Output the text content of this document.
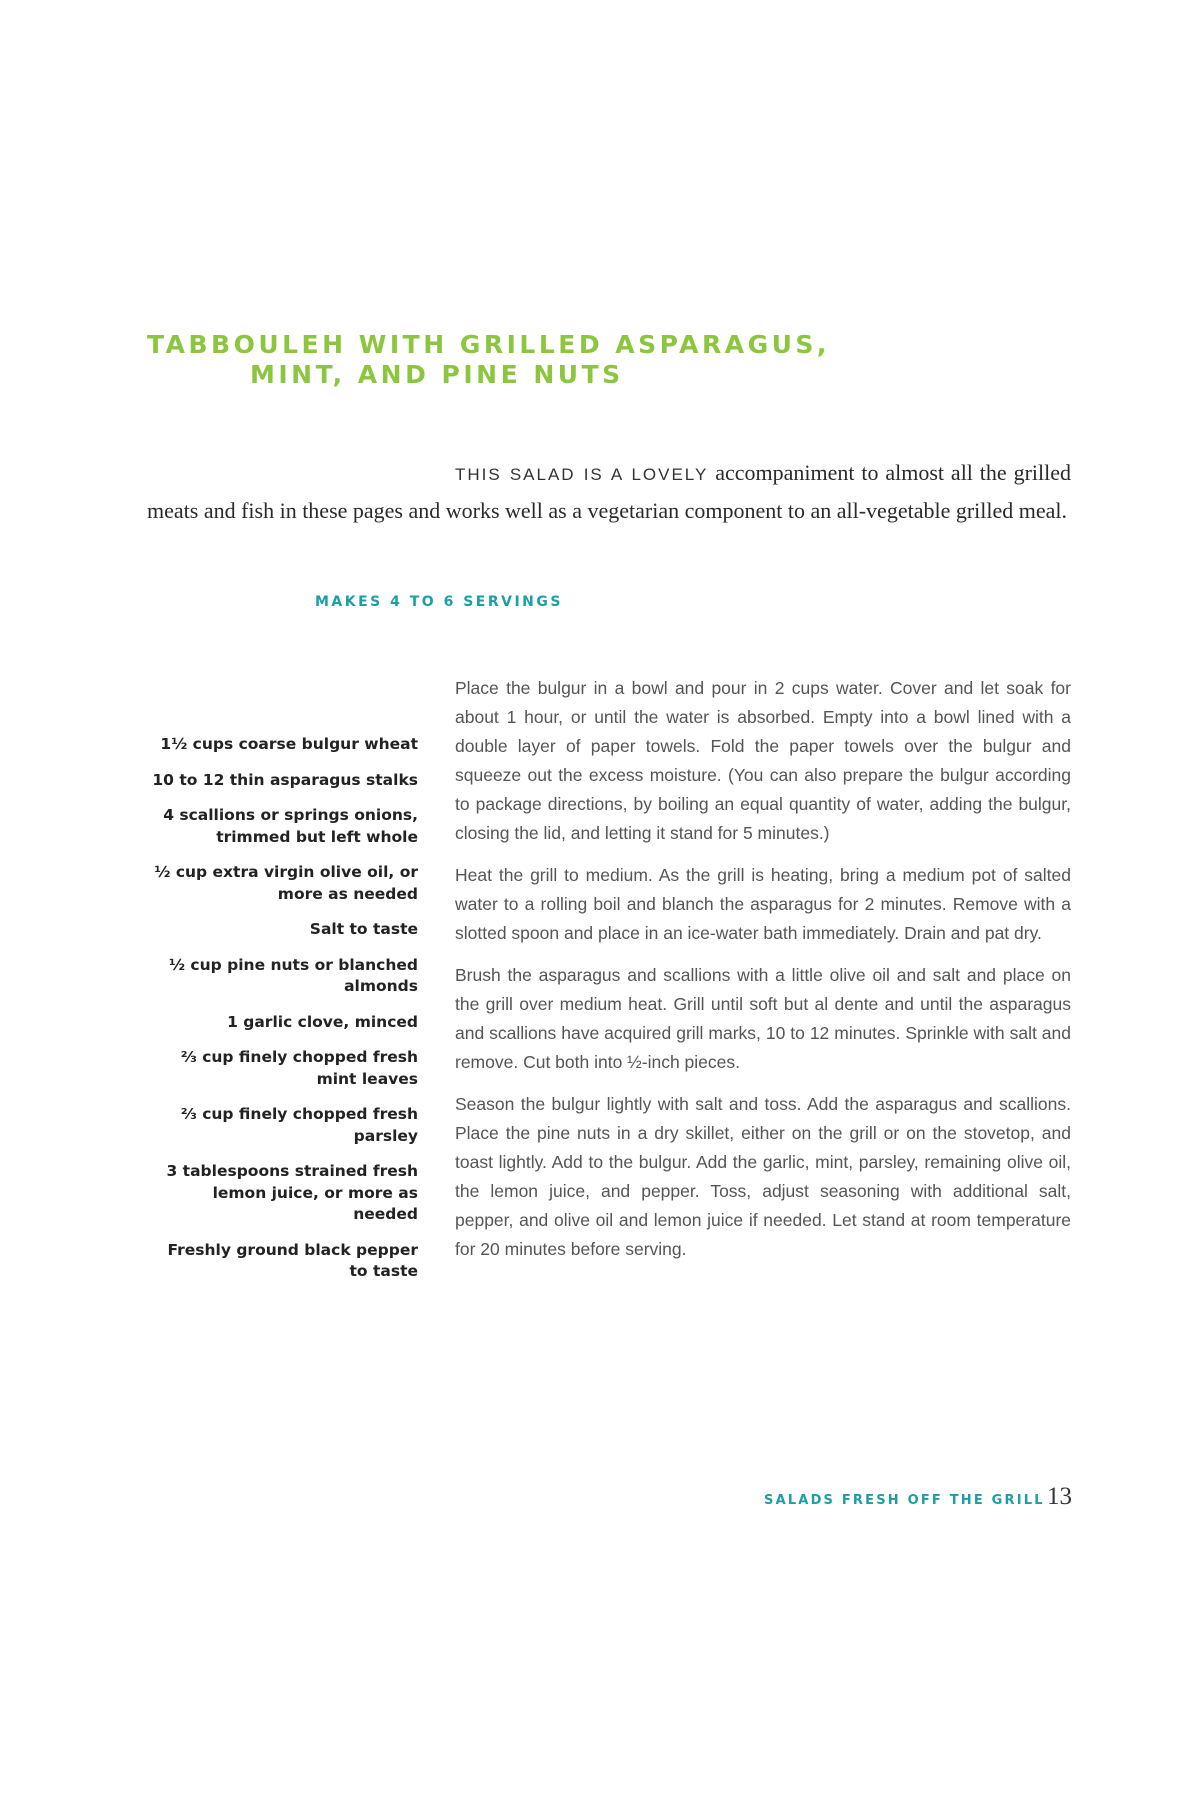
TABBOULEH WITH GRILLED ASPARAGUS,
MINT, AND PINE NUTS

THIS SALAD IS A LOVELY accompaniment to almost all the grilled meats and fish in these pages and works well as a vegetarian component to an all-vegetable grilled meal.

MAKES 4 TO 6 SERVINGS
1½ cups coarse bulgur wheat
10 to 12 thin asparagus stalks
4 scallions or springs onions, trimmed but left whole
½ cup extra virgin olive oil, or more as needed
Salt to taste
½ cup pine nuts or blanched almonds
1 garlic clove, minced
⅔ cup finely chopped fresh mint leaves
⅔ cup finely chopped fresh parsley
3 tablespoons strained fresh lemon juice, or more as needed
Freshly ground black pepper to taste

Place the bulgur in a bowl and pour in 2 cups water. Cover and let soak for about 1 hour, or until the water is absorbed. Empty into a bowl lined with a double layer of paper towels. Fold the paper towels over the bulgur and squeeze out the excess moisture. (You can also prepare the bulgur according to package directions, by boiling an equal quantity of water, adding the bulgur, closing the lid, and letting it stand for 5 minutes.)

Heat the grill to medium. As the grill is heating, bring a medium pot of salted water to a rolling boil and blanch the asparagus for 2 minutes. Remove with a slotted spoon and place in an ice-water bath immediately. Drain and pat dry.

Brush the asparagus and scallions with a little olive oil and salt and place on the grill over medium heat. Grill until soft but al dente and until the asparagus and scallions have acquired grill marks, 10 to 12 minutes. Sprinkle with salt and remove. Cut both into ½-inch pieces.

Season the bulgur lightly with salt and toss. Add the asparagus and scallions. Place the pine nuts in a dry skillet, either on the grill or on the stovetop, and toast lightly. Add to the bulgur. Add the garlic, mint, parsley, remaining olive oil, the lemon juice, and pepper. Toss, adjust seasoning with additional salt, pepper, and olive oil and lemon juice if needed. Let stand at room temperature for 20 minutes before serving.

SALADS FRESH OFF THE GRILL 13
